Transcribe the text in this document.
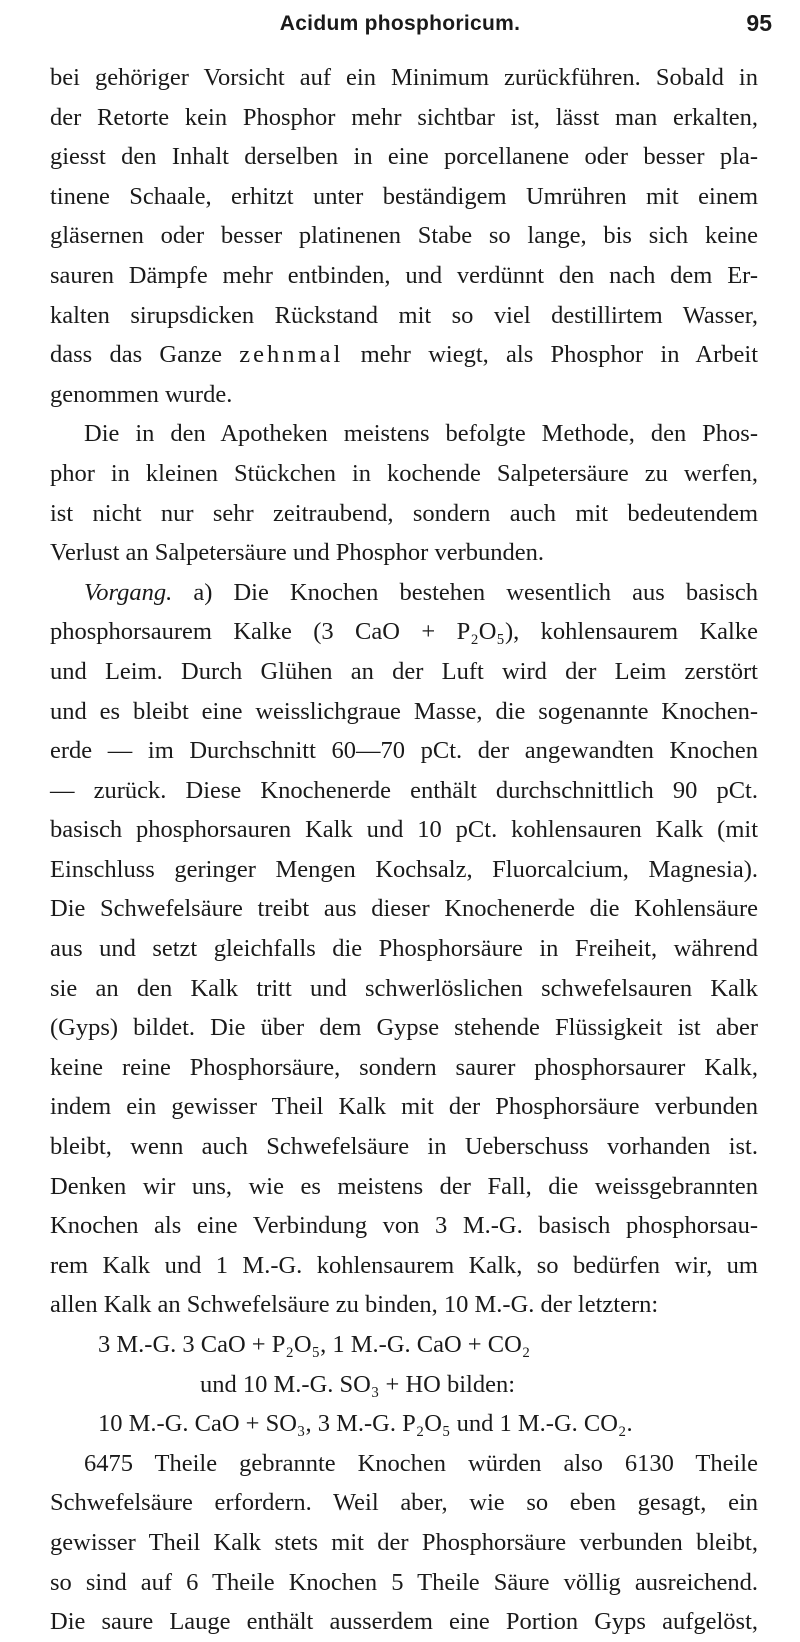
Acidum phosphoricum.	95
bei gehöriger Vorsicht auf ein Minimum zurückführen. Sobald in
der Retorte kein Phosphor mehr sichtbar ist, lässt man erkalten,
giesst den Inhalt derselben in eine porcellanene oder besser pla-
tinene Schaale, erhitzt unter beständigem Umrühren mit einem
gläsernen oder besser platinenen Stabe so lange, bis sich keine
sauren Dämpfe mehr entbinden, und verdünnt den nach dem Er-
kalten sirupsdicken Rückstand mit so viel destillirtem Wasser,
dass das Ganze zehnmal mehr wiegt, als Phosphor in Arbeit
genommen wurde.
Die in den Apotheken meistens befolgte Methode, den Phos-
phor in kleinen Stückchen in kochende Salpetersäure zu werfen,
ist nicht nur sehr zeitraubend, sondern auch mit bedeutendem
Verlust an Salpetersäure und Phosphor verbunden.
Vorgang. a) Die Knochen bestehen wesentlich aus basisch
phosphorsaurem Kalke (3 CaO + P₂O₅), kohlensaurem Kalke
und Leim. Durch Glühen an der Luft wird der Leim zerstört
und es bleibt eine weisslichgraue Masse, die sogenannte Knochen-
erde — im Durchschnitt 60—70 pCt. der angewandten Knochen
— zurück. Diese Knochenerde enthält durchschnittlich 90 pCt.
basisch phosphorsauren Kalk und 10 pCt. kohlensauren Kalk (mit
Einschluss geringer Mengen Kochsalz, Fluorcalcium, Magnesia).
Die Schwefelsäure treibt aus dieser Knochenerde die Kohlensäure
aus und setzt gleichfalls die Phosphorsäure in Freiheit, während
sie an den Kalk tritt und schwerlöslichen schwefelsauren Kalk
(Gyps) bildet. Die über dem Gypse stehende Flüssigkeit ist aber
keine reine Phosphorsäure, sondern saurer phosphorsaurer Kalk,
indem ein gewisser Theil Kalk mit der Phosphorsäure verbunden
bleibt, wenn auch Schwefelsäure in Ueberschuss vorhanden ist.
Denken wir uns, wie es meistens der Fall, die weissgebrannten
Knochen als eine Verbindung von 3 M.-G. basisch phosphorsau-
rem Kalk und 1 M.-G. kohlensaurem Kalk, so bedürfen wir, um
allen Kalk an Schwefelsäure zu binden, 10 M.-G. der letztern:
3 M.-G. 3 CaO + P₂O₅, 1 M.-G. CaO + CO₂
und 10 M.-G. SO₃ + HO bilden:
10 M.-G. CaO + SO₃, 3 M.-G. P₂O₅ und 1 M.-G. CO₂.
6475 Theile gebrannte Knochen würden also 6130 Theile
Schwefelsäure erfordern. Weil aber, wie so eben gesagt, ein
gewisser Theil Kalk stets mit der Phosphorsäure verbunden bleibt,
so sind auf 6 Theile Knochen 5 Theile Säure völlig ausreichend.
Die saure Lauge enthält ausserdem eine Portion Gyps aufgelöst,
